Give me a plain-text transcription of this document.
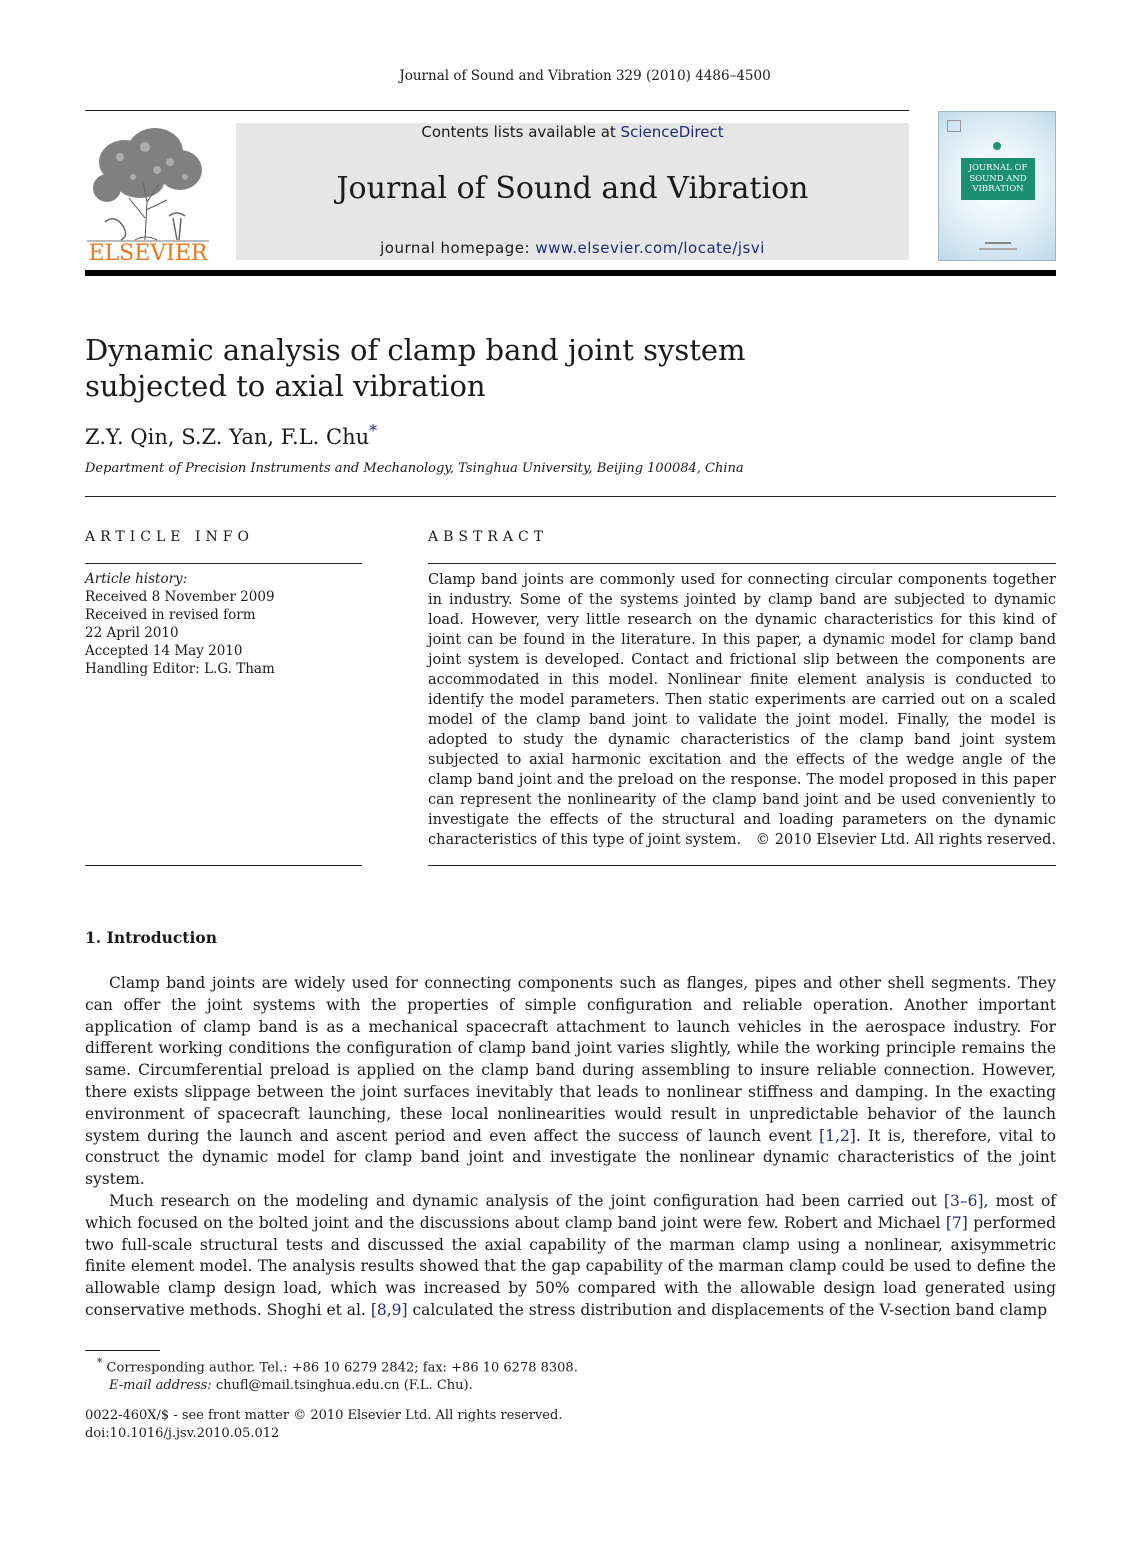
Journal of Sound and Vibration 329 (2010) 4486–4500
ELSEVIER
Contents lists available at ScienceDirect
Journal of Sound and Vibration
journal homepage: www.elsevier.com/locate/jsvi
JOURNAL OF SOUND AND VIBRATION
Dynamic analysis of clamp band joint system
subjected to axial vibration
Z.Y. Qin, S.Z. Yan, F.L. Chu*
Department of Precision Instruments and Mechanology, Tsinghua University, Beijing 100084, China
ARTICLE INFO
Article history:
Received 8 November 2009
Received in revised form
22 April 2010
Accepted 14 May 2010
Handling Editor: L.G. Tham
ABSTRACT
Clamp band joints are commonly used for connecting circular components together in industry. Some of the systems jointed by clamp band are subjected to dynamic load. However, very little research on the dynamic characteristics for this kind of joint can be found in the literature. In this paper, a dynamic model for clamp band joint system is developed. Contact and frictional slip between the components are accommodated in this model. Nonlinear finite element analysis is conducted to identify the model parameters. Then static experiments are carried out on a scaled model of the clamp band joint to validate the joint model. Finally, the model is adopted to study the dynamic characteristics of the clamp band joint system subjected to axial harmonic excitation and the effects of the wedge angle of the clamp band joint and the preload on the response. The model proposed in this paper can represent the nonlinearity of the clamp band joint and be used conveniently to investigate the effects of the structural and loading parameters on the dynamic characteristics of this type of joint system.	© 2010 Elsevier Ltd. All rights reserved.
1. Introduction

Clamp band joints are widely used for connecting components such as flanges, pipes and other shell segments. They can offer the joint systems with the properties of simple configuration and reliable operation. Another important application of clamp band is as a mechanical spacecraft attachment to launch vehicles in the aerospace industry. For different working conditions the configuration of clamp band joint varies slightly, while the working principle remains the same. Circumferential preload is applied on the clamp band during assembling to insure reliable connection. However, there exists slippage between the joint surfaces inevitably that leads to nonlinear stiffness and damping. In the exacting environment of spacecraft launching, these local nonlinearities would result in unpredictable behavior of the launch system during the launch and ascent period and even affect the success of launch event [1,2]. It is, therefore, vital to construct the dynamic model for clamp band joint and investigate the nonlinear dynamic characteristics of the joint system.

Much research on the modeling and dynamic analysis of the joint configuration had been carried out [3–6], most of which focused on the bolted joint and the discussions about clamp band joint were few. Robert and Michael [7] performed two full-scale structural tests and discussed the axial capability of the marman clamp using a nonlinear, axisymmetric finite element model. The analysis results showed that the gap capability of the marman clamp could be used to define the allowable clamp design load, which was increased by 50% compared with the allowable design load generated using conservative methods. Shoghi et al. [8,9] calculated the stress distribution and displacements of the V-section band clamp

* Corresponding author. Tel.: +86 10 6279 2842; fax: +86 10 6278 8308.
E-mail address: chufl@mail.tsinghua.edu.cn (F.L. Chu).
0022-460X/$ - see front matter © 2010 Elsevier Ltd. All rights reserved.
doi:10.1016/j.jsv.2010.05.012
